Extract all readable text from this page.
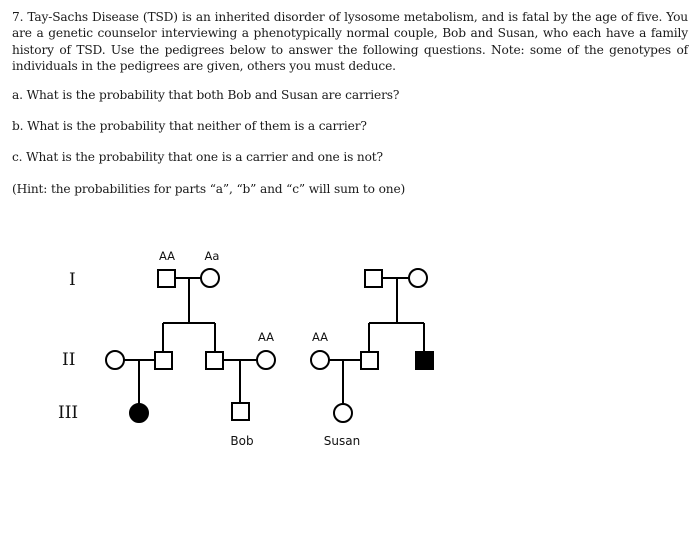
7. Tay-Sachs Disease (TSD) is an inherited disorder of lysosome metabolism, and is fatal by the age of five. You are a genetic counselor interviewing a phenotypically normal couple, Bob and Susan, who each have a family history of TSD. Use the pedigrees below to answer the following questions. Note: some of the genotypes of individuals in the pedigrees are given, others you must deduce.

a. What is the probability that both Bob and Susan are carriers?

b. What is the probability that neither of them is a carrier?

c. What is the probability that one is a carrier and one is not?

(Hint: the probabilities for parts “a”, “b” and “c” will sum to one)

I
II
III
AA	Aa
AA	AA
Bob	Susan
